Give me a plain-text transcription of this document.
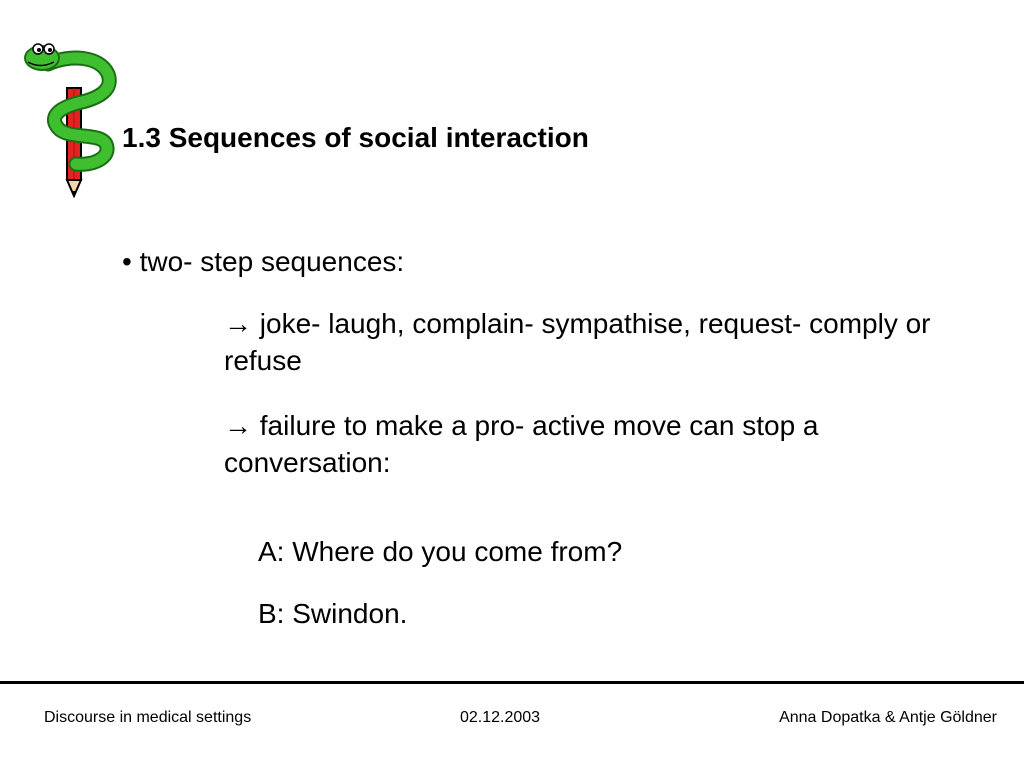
1.3 Sequences of social interaction
• two- step sequences:
→ joke- laugh, complain- sympathise, request- comply or refuse
→ failure to make a pro- active move can stop a conversation:
A: Where do you come from?
B: Swindon.
Discourse in medical settings	02.12.2003	Anna Dopatka & Antje Göldner
